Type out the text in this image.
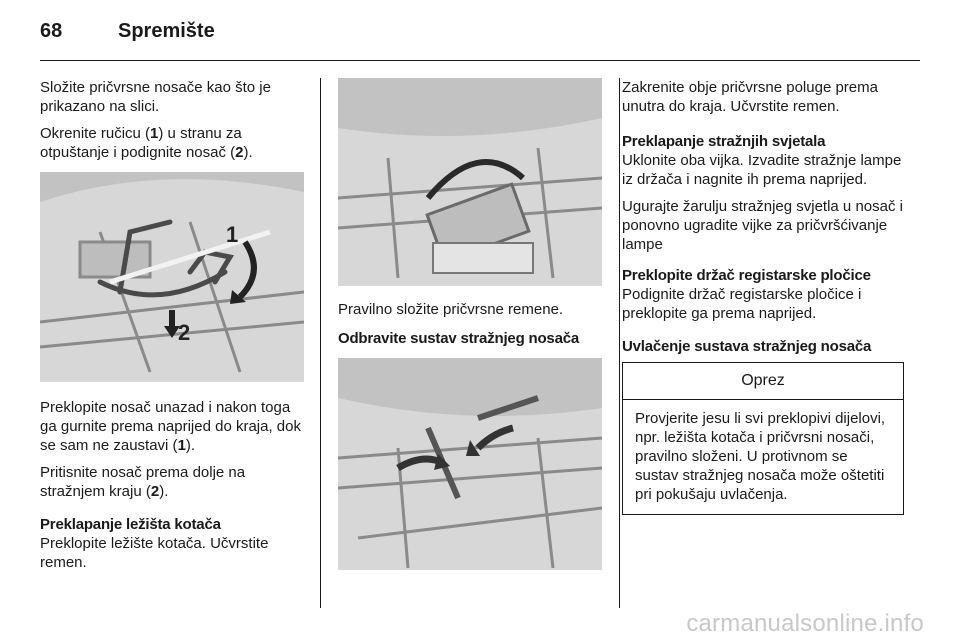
68	Spremište

Složite pričvrsne nosače kao što je prikazano na slici.

Okrenite ručicu (1) u stranu za otpuštanje i podignite nosač (2).

1
2

Preklopite nosač unazad i nakon toga ga gurnite prema naprijed do kraja, dok se sam ne zaustavi (1).

Pritisnite nosač prema dolje na stražnjem kraju (2).

Preklapanje ležišta kotača

Preklopite ležište kotača. Učvrstite remen.

Pravilno složite pričvrsne remene.

Odbravite sustav stražnjeg nosača

Zakrenite obje pričvrsne poluge prema unutra do kraja. Učvrstite remen.

Preklapanje stražnjih svjetala

Uklonite oba vijka. Izvadite stražnje lampe iz držača i nagnite ih prema naprijed.

Ugurajte žarulju stražnjeg svjetla u nosač i ponovno ugradite vijke za pričvršćivanje lampe

Preklopite držač registarske pločice

Podignite držač registarske pločice i preklopite ga prema naprijed.

Uvlačenje sustava stražnjeg nosača
Oprez
Provjerite jesu li svi preklopivi dijelovi, npr. ležišta kotača i pričvrsni nosači, pravilno složeni. U protivnom se sustav stražnjeg nosača može oštetiti pri pokušaju uvlačenja.
carmanualsonline.info
